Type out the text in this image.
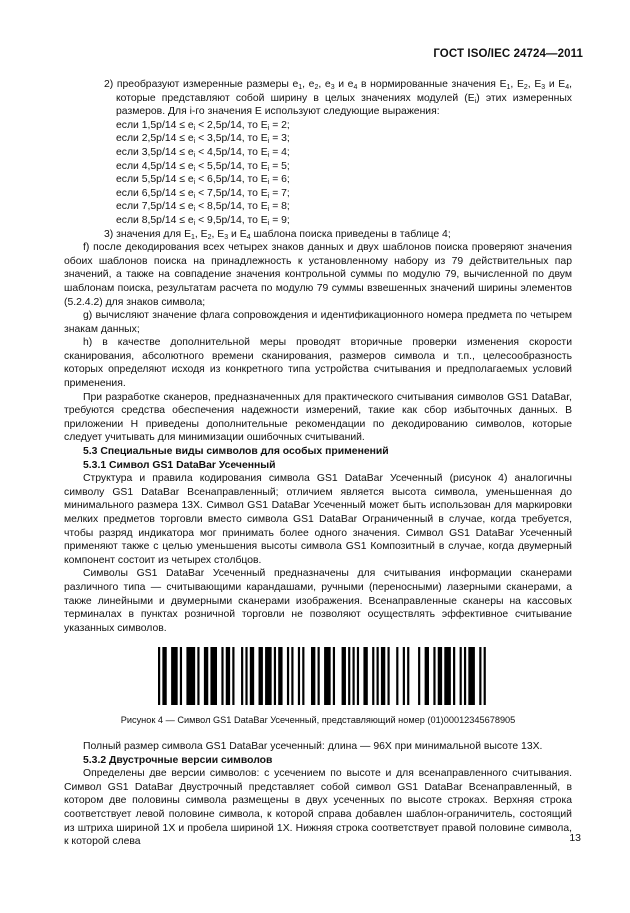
ГОСТ ISO/IEC 24724—2011

2) преобразуют измеренные размеры $e_1$, $e_2$, $e_3$ и $e_4$ в нормированные значения $E_1$, $E_2$, $E_3$ и $E_4$, которые представляют собой ширину в целых значениях модулей $(E_i)$ этих измеренных размеров. Для i-го значения E используют следующие выражения:

если $1,5p/14 \le e_i < 2,5p/14$, то $E_i = 2$;

если $2,5p/14 \le e_i < 3,5p/14$, то $E_i = 3$;

если $3,5p/14 \le e_i < 4,5p/14$, то $E_i = 4$;

если $4,5p/14 \le e_i < 5,5p/14$, то $E_i = 5$;

если $5,5p/14 \le e_i < 6,5p/14$, то $E_i = 6$;

если $6,5p/14 \le e_i < 7,5p/14$, то $E_i = 7$;

если $7,5p/14 \le e_i < 8,5p/14$, то $E_i = 8$;

если $8,5p/14 \le e_i < 9,5p/14$, то $E_i = 9$;

3) значения для $E_1$, $E_2$, $E_3$ и $E_4$ шаблона поиска приведены в таблице 4;

f) после декодирования всех четырех знаков данных и двух шаблонов поиска проверяют значения обоих шаблонов поиска на принадлежность к установленному набору из 79 действительных пар значений, а также на совпадение значения контрольной суммы по модулю 79, вычисленной по двум шаблонам поиска, результатам расчета по модулю 79 суммы взвешенных значений ширины элементов (5.2.4.2) для знаков символа;

g) вычисляют значение флага сопровождения и идентификационного номера предмета по четырем знакам данных;

h) в качестве дополнительной меры проводят вторичные проверки изменения скорости сканирования, абсолютного времени сканирования, размеров символа и т.п., целесообразность которых определяют исходя из конкретного типа устройства считывания и предполагаемых условий применения.

При разработке сканеров, предназначенных для практического считывания символов GS1 DataBar, требуются средства обеспечения надежности измерений, такие как сбор избыточных данных. В приложении H приведены дополнительные рекомендации по декодированию символов, которые следует учитывать для минимизации ошибочных считываний.

5.3 Специальные виды символов для особых применений

5.3.1 Символ GS1 DataBar Усеченный

Структура и правила кодирования символа GS1 DataBar Усеченный (рисунок 4) аналогичны символу GS1 DataBar Всенаправленный; отличием является высота символа, уменьшенная до минимального размера 13X. Символ GS1 DataBar Усеченный может быть использован для маркировки мелких предметов торговли вместо символа GS1 DataBar Ограниченный в случае, когда требуется, чтобы разряд индикатора мог принимать более одного значения. Символ GS1 DataBar Усеченный применяют также с целью уменьшения высоты символа GS1 Композитный в случае, когда двумерный компонент состоит из четырех столбцов.

Символы GS1 DataBar Усеченный предназначены для считывания информации сканерами различного типа — считывающими карандашами, ручными (переносными) лазерными сканерами, а также линейными и двумерными сканерами изображения. Всенаправленные сканеры на кассовых терминалах в пунктах розничной торговли не позволяют осуществлять эффективное считывание указанных символов.

Рисунок 4 — Символ GS1 DataBar Усеченный, представляющий номер (01)00012345678905

Полный размер символа GS1 DataBar усеченный: длина — 96X при минимальной высоте 13X.

5.3.2 Двустрочные версии символов

Определены две версии символов: с усечением по высоте и для всенаправленного считывания. Символ GS1 DataBar Двустрочный представляет собой символ GS1 DataBar Всенаправленный, в котором две половины символа размещены в двух усеченных по высоте строках. Верхняя строка соответствует левой половине символа, к которой справа добавлен шаблон-ограничитель, состоящий из штриха шириной 1X и пробела шириной 1X. Нижняя строка соответствует правой половине символа, к которой слева	13
